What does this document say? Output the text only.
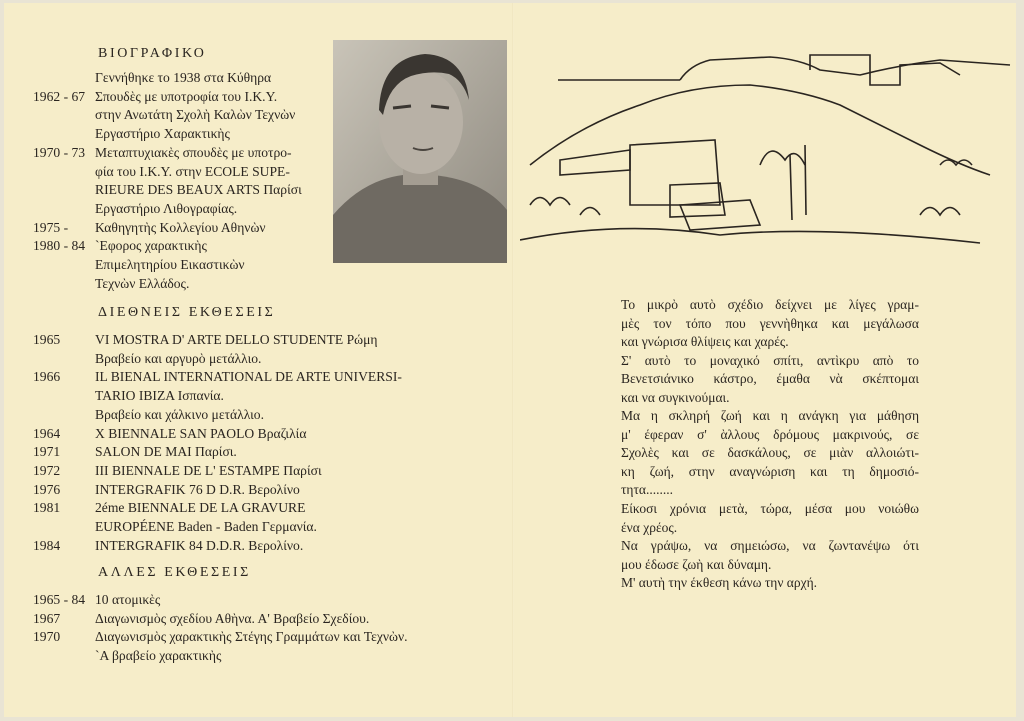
ΒΙΟΓΡΑΦΙΚΟ
Γεννήθηκε το 1938 στα Κύθηρα
1962 - 67 Σπουδὲς με υποτροφία του Ι.Κ.Υ.
στην Ανωτάτη Σχολὴ Καλὼν Τεχνὼν
Εργαστήριο Χαρακτικὴς
1970 - 73 Μεταπτυχιακὲς σπουδὲς με υποτρο-
φία του Ι.Κ.Υ. στην ECOLE SUPE-
RIEURE DES BEAUX ARTS Παρίσι
Εργαστήριο Λιθογραφίας.
1975 -	Καθηγητὴς Κολλεγίου Αθηνὼν
1980 - 84 `Εφορος χαρακτικὴς
Επιμελητηρίου Εικαστικὼν
Τεχνὼν Ελλάδος.
ΔΙΕΘΝΕΙΣ ΕΚΘΕΣΕΙΣ
1965	VI MOSTRA D' ARTE DELLO STUDENTE Ρώμη
Βραβείο και αργυρὸ μετάλλιο.
1966	IL BIENAL INTERNATIONAL DE ARTE UNIVERSI-
TARIO IBIZA Ισπανία.
Βραβείο και χάλκινο μετάλλιο.
1964	X BIENNALE SAN PAOLO Βραζιλία
1971	SALON DE MAI Παρίσι.
1972	III BIENNALE DE L' ESTAMPE Παρίσι
1976	INTERGRAFIK 76 D D.R. Βερολίνο
1981	2éme BIENNALE DE LA GRAVURE
EUROPÉENE Baden - Baden Γερμανία.
1984	INTERGRAFIK 84 D.D.R. Βερολίνο.
ΑΛΛΕΣ ΕΚΘΕΣΕΙΣ
1965 - 84 10 ατομικὲς
1967	Διαγωνισμὸς σχεδίου Αθὴνα. Α' Βραβείο Σχεδίου.
1970	Διαγωνισμὸς χαρακτικὴς Στέγης Γραμμάτων και Τεχνὼν.
`Α βραβείο χαρακτικὴς
Το μικρὸ αυτὸ σχέδιο δείχνει με λίγες γραμ-
μὲς τον τόπο που γεννὴθηκα και μεγάλωσα
και γνώρισα θλίψεις και χαρές.
Σ' αυτὸ το μοναχικό σπίτι, αντὶκρυ απὸ το
Βενετσιάνικο κάστρο, έμαθα νὰ σκέπτομαι
και να συγκινούμαι.
Μα η σκληρή ζωή και η ανάγκη για μάθηση
μ' έφεραν σ' ὰλλους δρόμους μακρινούς, σε
Σχολὲς και σε δασκάλους, σε μιὰν αλλοιώτι-
κη ζωή, στην αναγνώριση και τη δημοσιό-
τητα........
Είκοσι χρόνια μετὰ, τώρα, μέσα μου νοιώθω
ένα χρέος.
Να γράψω, να σημειώσω, να ζωντανέψω ότι
μου έδωσε ζωὴ και δύναμη.
Μ' αυτὴ την έκθεση κάνω την αρχή.
